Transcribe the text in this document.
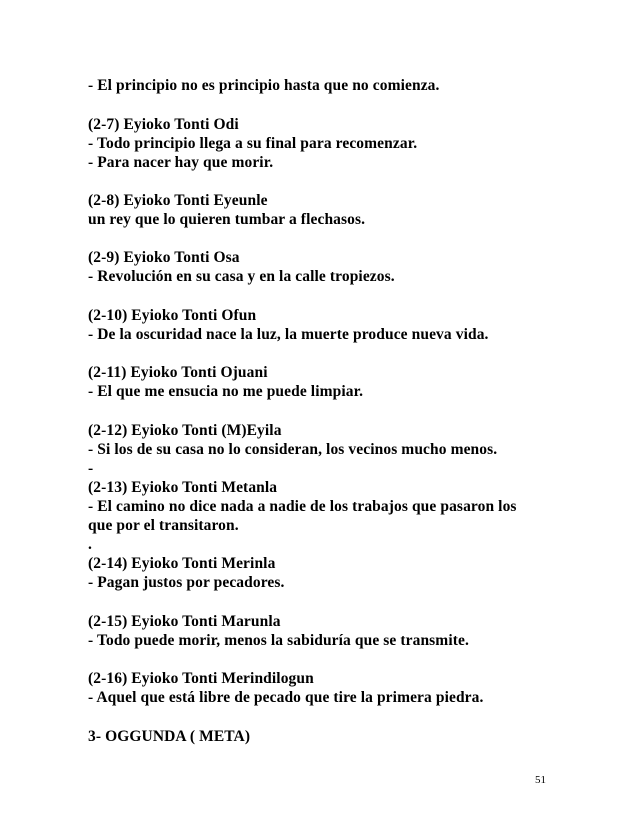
- El principio no es principio hasta que no comienza.
(2-7) Eyioko Tonti Odi
- Todo principio llega a su final para recomenzar.
- Para nacer hay que morir.
(2-8) Eyioko Tonti Eyeunle
un rey que lo quieren tumbar a flechasos.
(2-9) Eyioko Tonti Osa
- Revolución en su casa y en la calle tropiezos.
(2-10) Eyioko Tonti Ofun
- De la oscuridad nace la luz, la muerte produce nueva vida.
(2-11) Eyioko Tonti Ojuani
- El que me ensucia no me puede limpiar.
(2-12) Eyioko Tonti (M)Eyila
- Si los de su casa no lo consideran, los vecinos mucho menos.
-
(2-13) Eyioko Tonti Metanla
- El camino no dice nada a nadie de los trabajos que pasaron los
que por el transitaron.
.
(2-14) Eyioko Tonti Merinla
- Pagan justos por pecadores.
(2-15) Eyioko Tonti Marunla
- Todo puede morir, menos la sabiduría que se transmite.
(2-16) Eyioko Tonti Merindilogun
- Aquel que está libre de pecado que tire la primera piedra.
3- OGGUNDA ( META)
51
